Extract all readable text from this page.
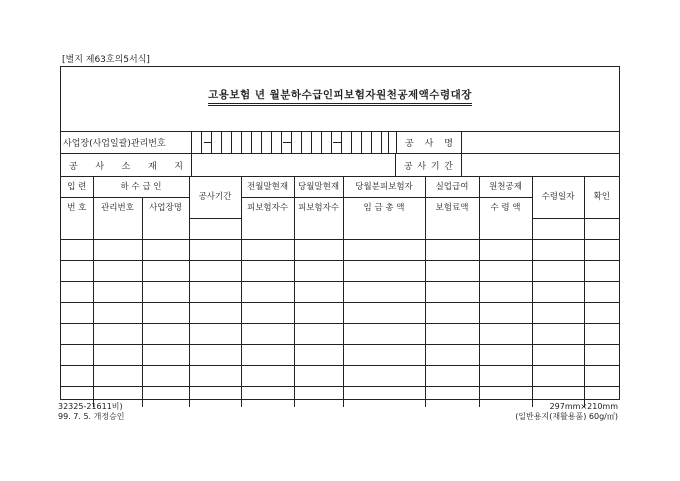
[별지 제63호의5서식]
고용보험 년 월분하수급인피보험자원천공제액수령대장
사업장(사업일괄)관리번호	공 사 명
공 사 소 재 지	공 사 기 간
입 련	하 수 급 인		공사기간	전월말현재	당월말현재	당월분피보험자	실업급여	원천공제	수령일자	확인
번 호	관리번호	사업장명		피보험자수	피보험자수	임 금 총 액	보험료액	수 령 액		

32325-21611비)
99. 7. 5. 개정승인
297mm×210mm
(일반용지(재활용품) 60g/㎡)
